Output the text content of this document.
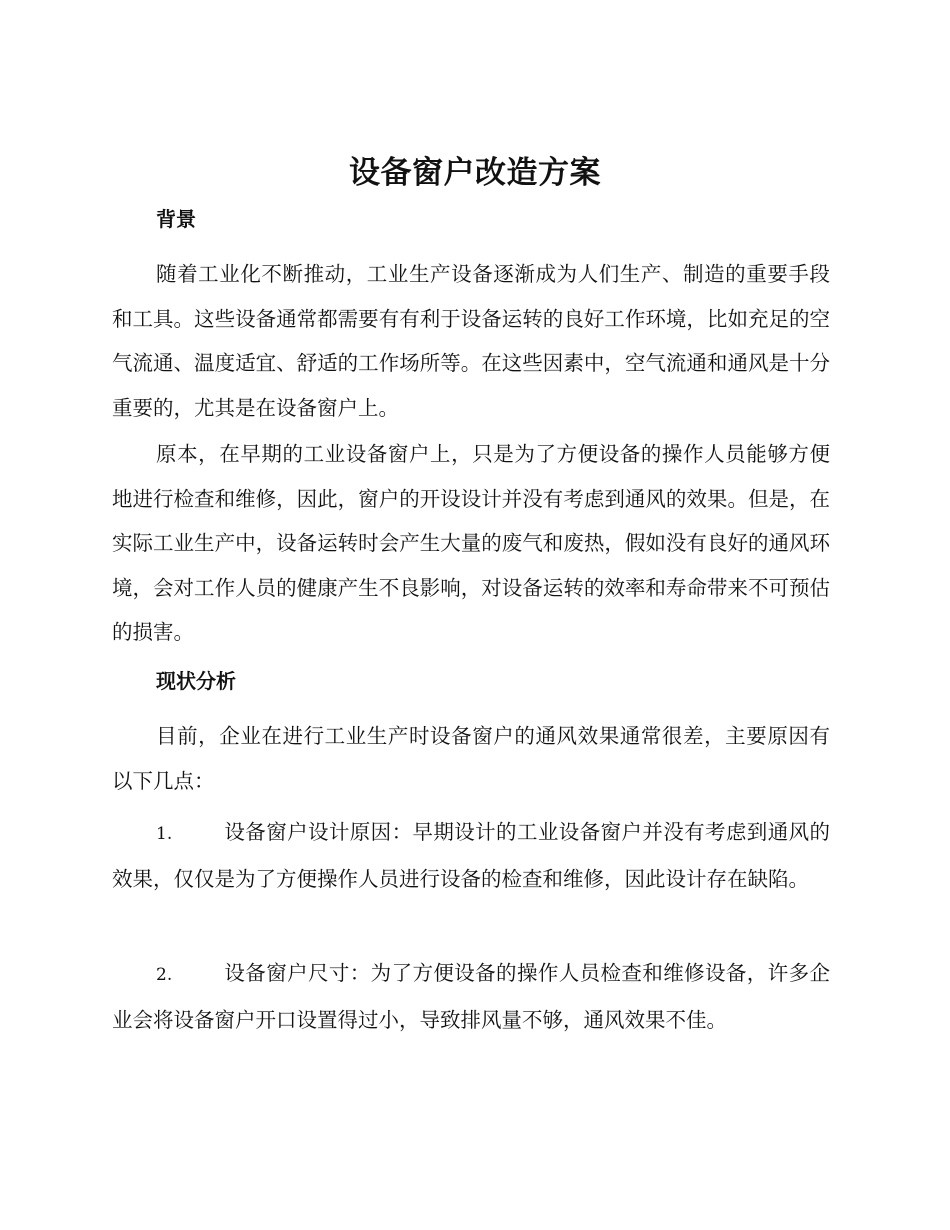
设备窗户改造方案
背景

随着工业化不断推动，工业生产设备逐渐成为人们生产、制造的重要手段和工具。这些设备通常都需要有有利于设备运转的良好工作环境，比如充足的空气流通、温度适宜、舒适的工作场所等。在这些因素中，空气流通和通风是十分重要的，尤其是在设备窗户上。

原本，在早期的工业设备窗户上，只是为了方便设备的操作人员能够方便地进行检查和维修，因此，窗户的开设设计并没有考虑到通风的效果。但是，在实际工业生产中，设备运转时会产生大量的废气和废热，假如没有良好的通风环境，会对工作人员的健康产生不良影响，对设备运转的效率和寿命带来不可预估的损害。

现状分析

目前，企业在进行工业生产时设备窗户的通风效果通常很差，主要原因有以下几点：

1.	设备窗户设计原因：早期设计的工业设备窗户并没有考虑到通风的效果，仅仅是为了方便操作人员进行设备的检查和维修，因此设计存在缺陷。

2.	设备窗户尺寸：为了方便设备的操作人员检查和维修设备，许多企业会将设备窗户开口设置得过小，导致排风量不够，通风效果不佳。
